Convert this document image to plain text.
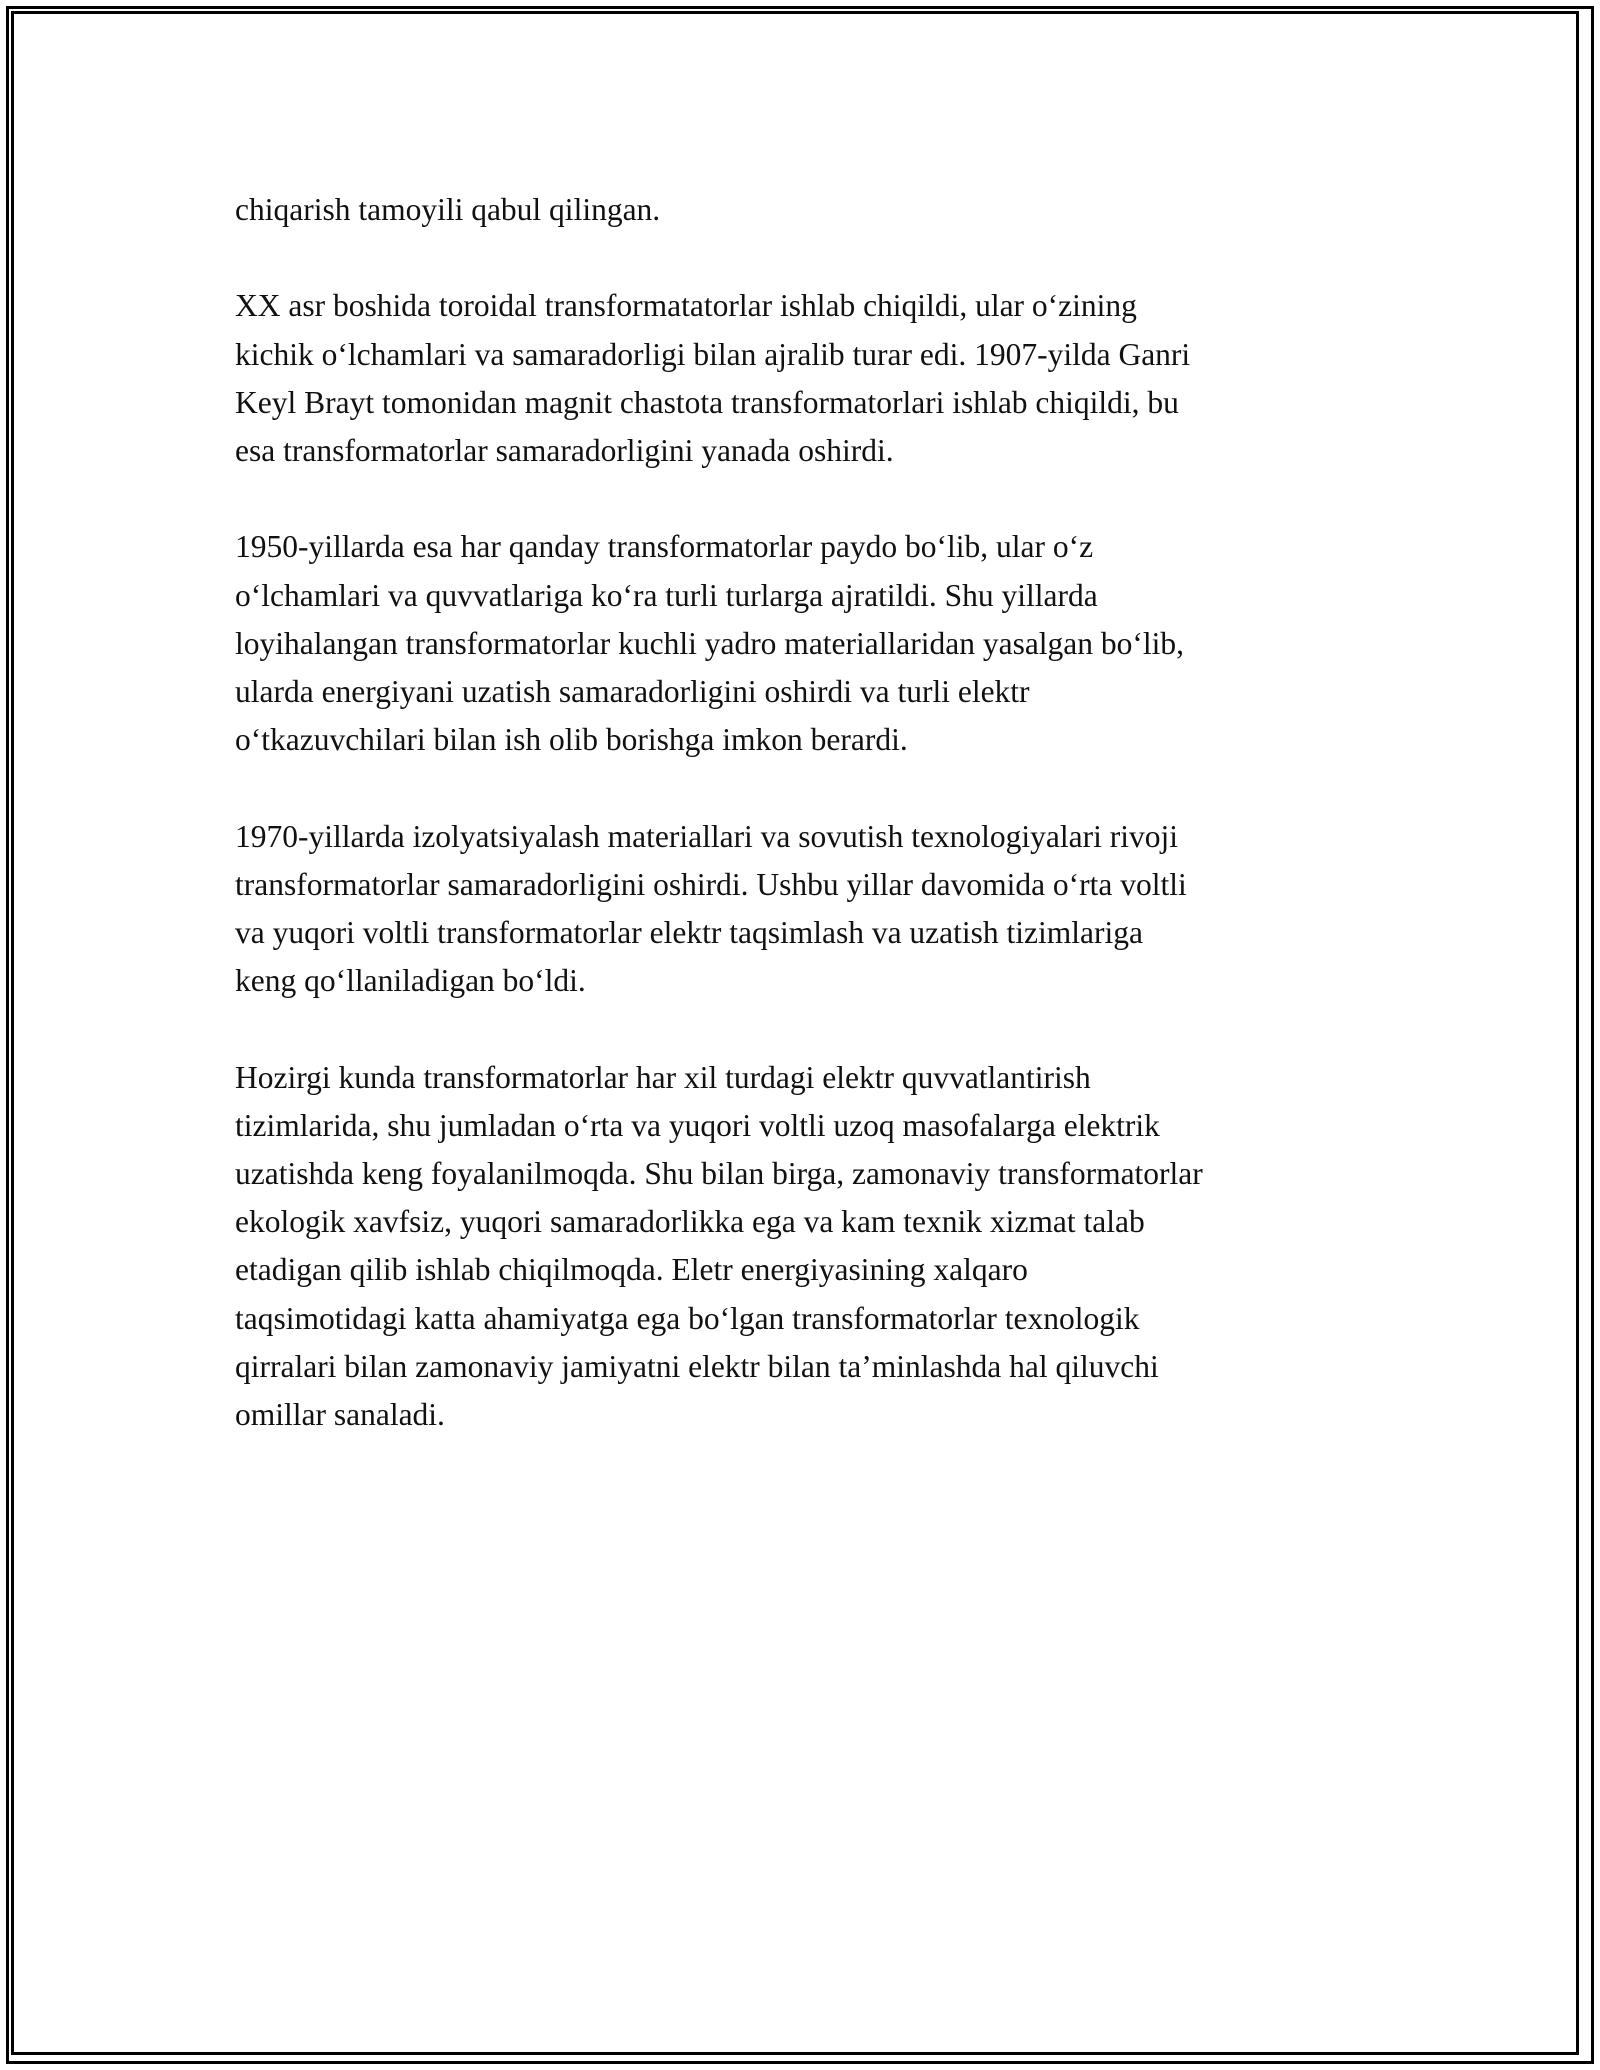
chiqarish tamoyili qabul qilingan.

XX asr boshida toroidal transformatatorlar ishlab chiqildi, ular o‘zining
kichik o‘lchamlari va samaradorligi bilan ajralib turar edi. 1907-yilda Ganri
Keyl Brayt tomonidan magnit chastota transformatorlari ishlab chiqildi, bu
esa transformatorlar samaradorligini yanada oshirdi.

1950-yillarda esa har qanday transformatorlar paydo bo‘lib, ular o‘z
o‘lchamlari va quvvatlariga ko‘ra turli turlarga ajratildi. Shu yillarda
loyihalangan transformatorlar kuchli yadro materiallaridan yasalgan bo‘lib,
ularda energiyani uzatish samaradorligini oshirdi va turli elektr
o‘tkazuvchilari bilan ish olib borishga imkon berardi.

1970-yillarda izolyatsiyalash materiallari va sovutish texnologiyalari rivoji
transformatorlar samaradorligini oshirdi. Ushbu yillar davomida o‘rta voltli
va yuqori voltli transformatorlar elektr taqsimlash va uzatish tizimlariga
keng qo‘llaniladigan bo‘ldi.

Hozirgi kunda transformatorlar har xil turdagi elektr quvvatlantirish
tizimlarida, shu jumladan o‘rta va yuqori voltli uzoq masofalarga elektrik
uzatishda keng foyalanilmoqda. Shu bilan birga, zamonaviy transformatorlar
ekologik xavfsiz, yuqori samaradorlikka ega va kam texnik xizmat talab
etadigan qilib ishlab chiqilmoqda. Eletr energiyasining xalqaro
taqsimotidagi katta ahamiyatga ega bo‘lgan transformatorlar texnologik
qirralari bilan zamonaviy jamiyatni elektr bilan ta’minlashda hal qiluvchi
omillar sanaladi.
